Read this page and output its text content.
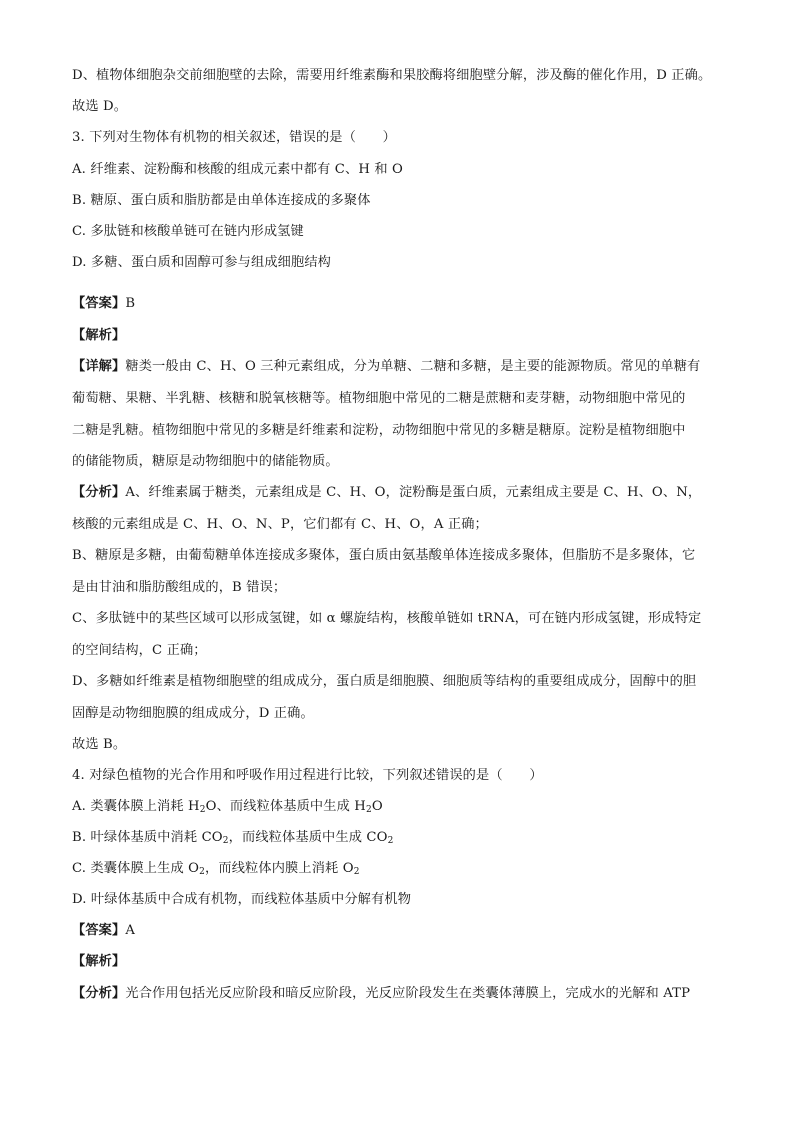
D、植物体细胞杂交前细胞壁的去除，需要用纤维素酶和果胶酶将细胞壁分解，涉及酶的催化作用，D 正确。
故选 D。
3. 下列对生物体有机物的相关叙述，错误的是（　　）
A. 纤维素、淀粉酶和核酸的组成元素中都有 C、H 和 O
B. 糖原、蛋白质和脂肪都是由单体连接成的多聚体
C. 多肽链和核酸单链可在链内形成氢键
D. 多糖、蛋白质和固醇可参与组成细胞结构
【答案】B
【解析】
【详解】糖类一般由 C、H、O 三种元素组成，分为单糖、二糖和多糖，是主要的能源物质。常见的单糖有
葡萄糖、果糖、半乳糖、核糖和脱氧核糖等。植物细胞中常见的二糖是蔗糖和麦芽糖，动物细胞中常见的
二糖是乳糖。植物细胞中常见的多糖是纤维素和淀粉，动物细胞中常见的多糖是糖原。淀粉是植物细胞中
的储能物质，糖原是动物细胞中的储能物质。
【分析】A、纤维素属于糖类，元素组成是 C、H、O，淀粉酶是蛋白质，元素组成主要是 C、H、O、N，
核酸的元素组成是 C、H、O、N、P，它们都有 C、H、O，A 正确；
B、糖原是多糖，由葡萄糖单体连接成多聚体，蛋白质由氨基酸单体连接成多聚体，但脂肪不是多聚体，它
是由甘油和脂肪酸组成的，B 错误；
C、多肽链中的某些区域可以形成氢键，如 α 螺旋结构，核酸单链如 tRNA，可在链内形成氢键，形成特定
的空间结构，C 正确；
D、多糖如纤维素是植物细胞壁的组成成分，蛋白质是细胞膜、细胞质等结构的重要组成成分，固醇中的胆
固醇是动物细胞膜的组成成分，D 正确。
故选 B。
4. 对绿色植物的光合作用和呼吸作用过程进行比较，下列叙述错误的是（　　）
A. 类囊体膜上消耗 $H_2O$、而线粒体基质中生成 $H_2O$
B. 叶绿体基质中消耗 $CO_2$，而线粒体基质中生成 $CO_2$
C. 类囊体膜上生成 $O_2$，而线粒体内膜上消耗 $O_2$
D. 叶绿体基质中合成有机物，而线粒体基质中分解有机物
【答案】A
【解析】
【分析】光合作用包括光反应阶段和暗反应阶段，光反应阶段发生在类囊体薄膜上，完成水的光解和 ATP
